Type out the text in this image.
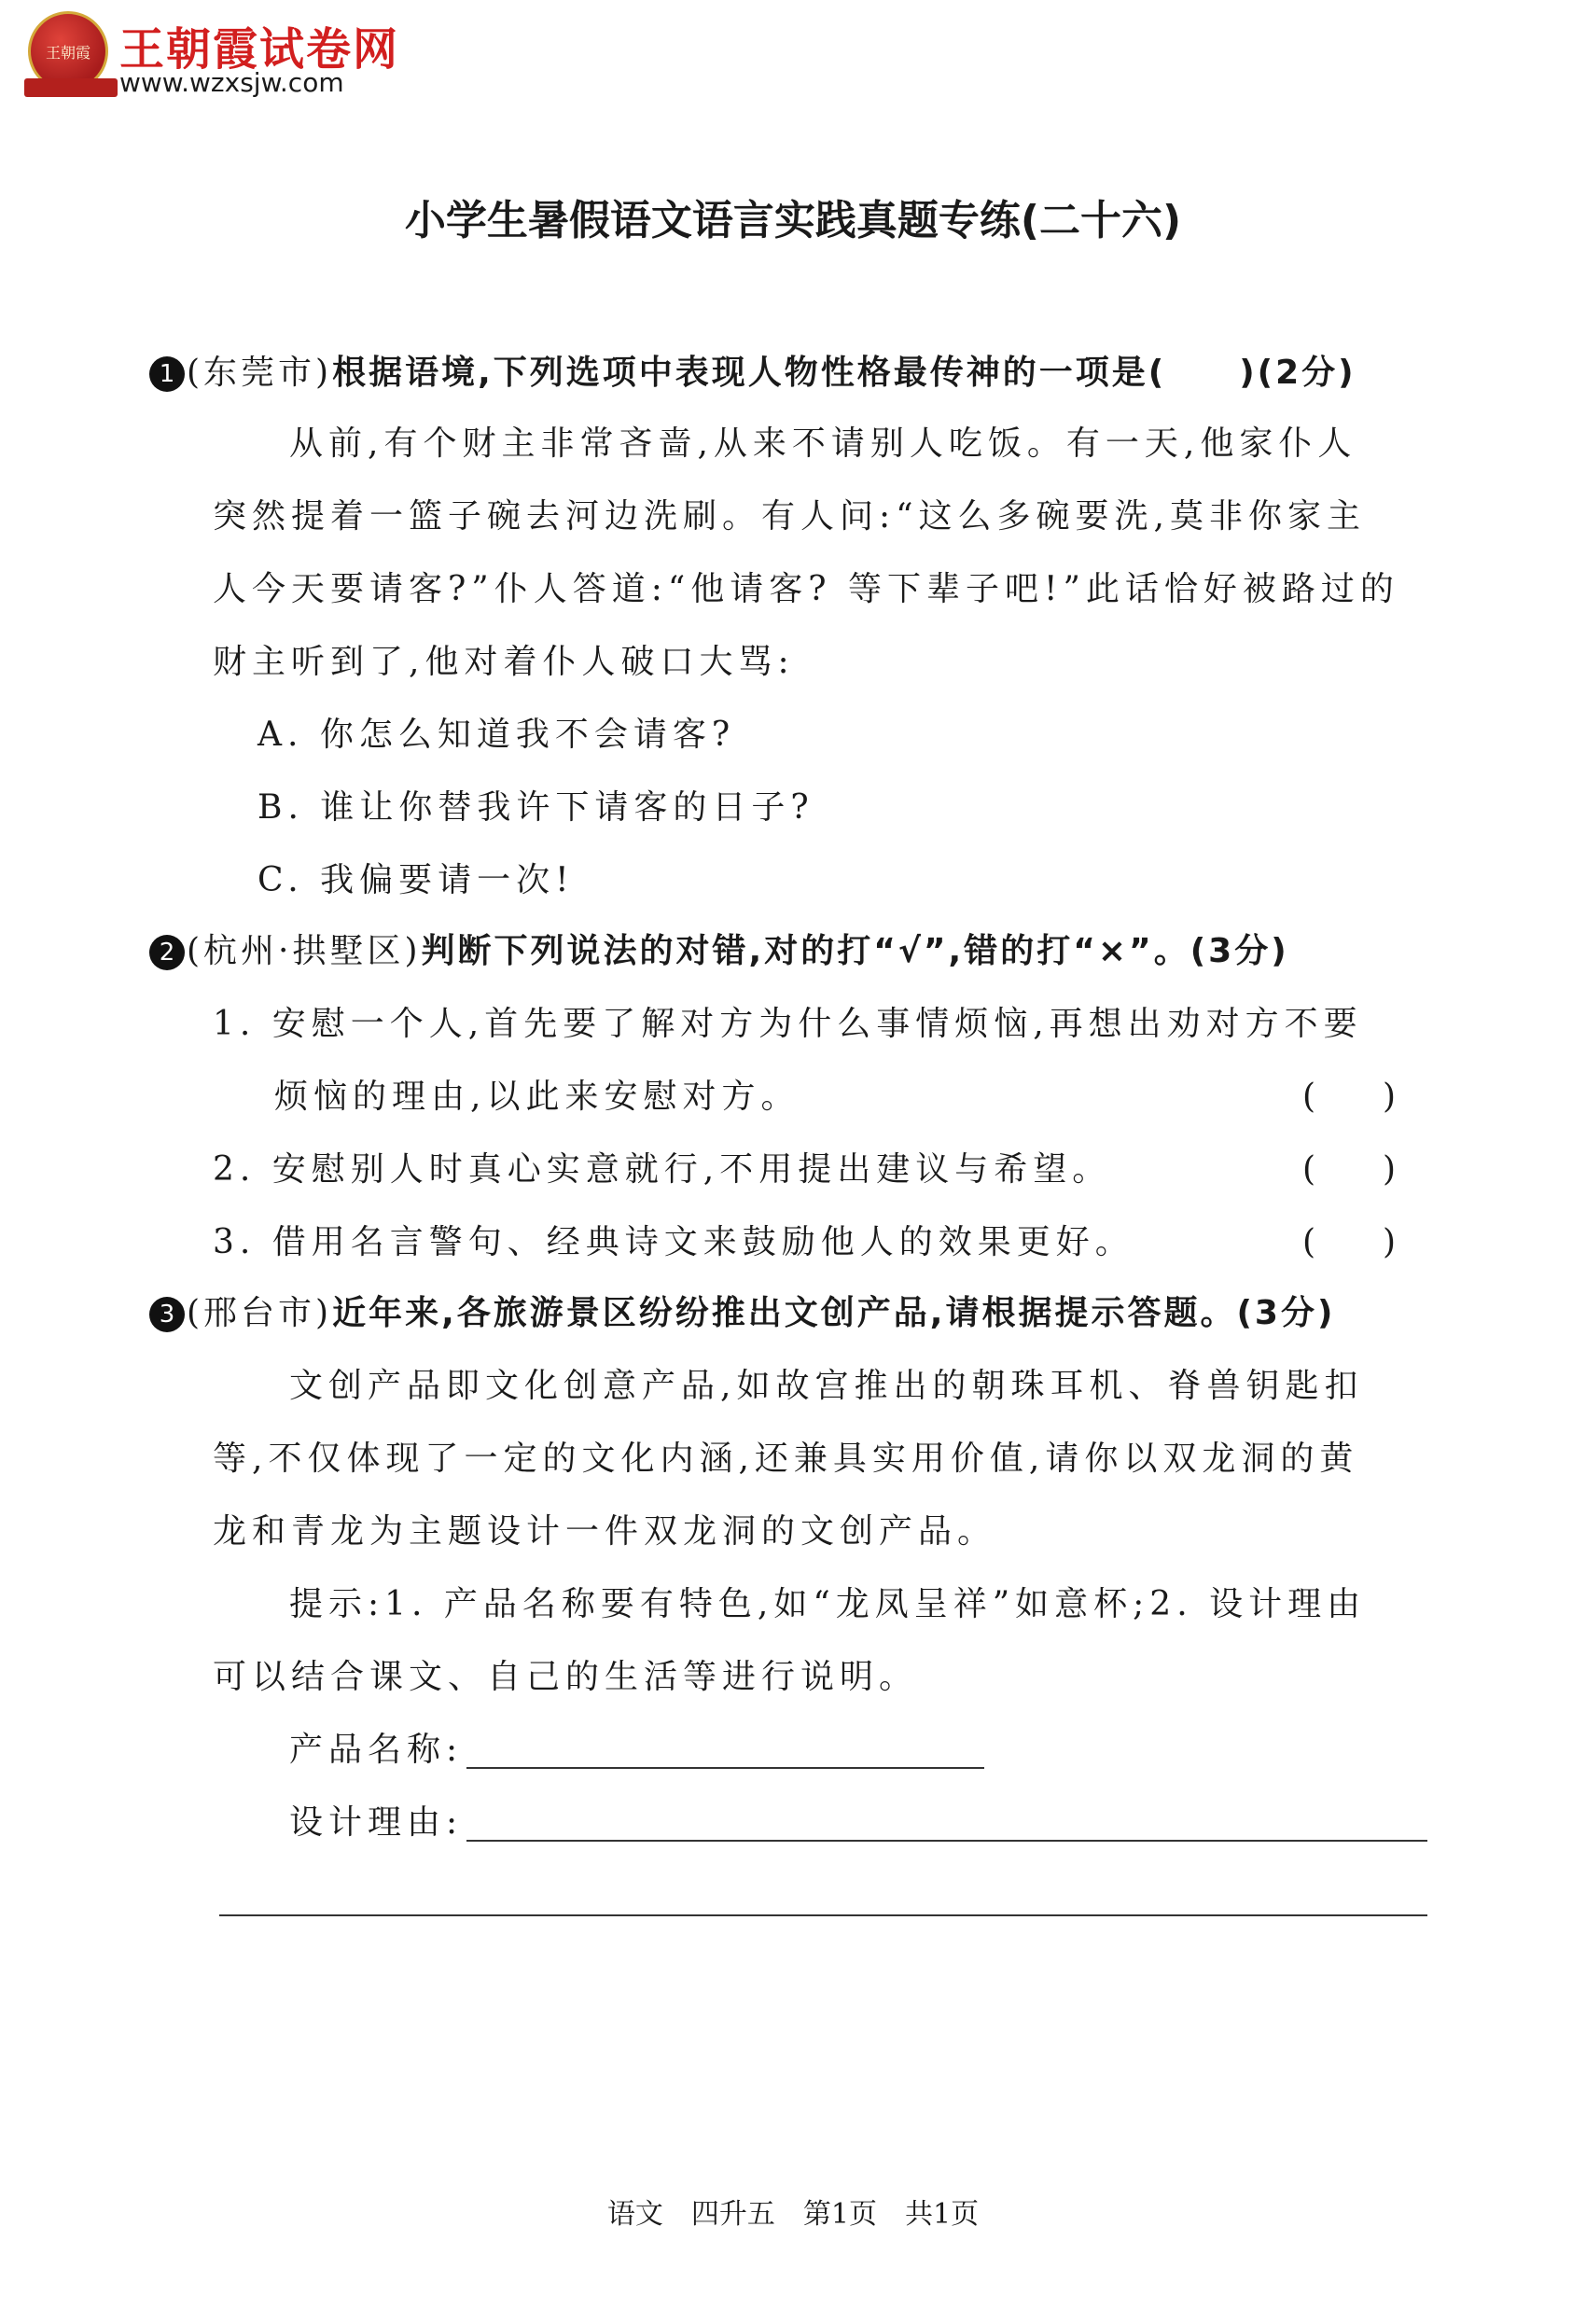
王朝霞 王朝霞试卷网
www.wzxsjw.com
小学生暑假语文语言实践真题专练(二十六)
1 (东莞市)根据语境,下列选项中表现人物性格最传神的一项是(　　)(2分)
从前,有个财主非常吝啬,从来不请别人吃饭。有一天,他家仆人
突然提着一篮子碗去河边洗刷。有人问:“这么多碗要洗,莫非你家主
人今天要请客?”仆人答道:“他请客? 等下辈子吧!”此话恰好被路过的
财主听到了,他对着仆人破口大骂:
A. 你怎么知道我不会请客?
B. 谁让你替我许下请客的日子?
C. 我偏要请一次!
2 (杭州·拱墅区)判断下列说法的对错,对的打“√”,错的打“×”。(3分)
1. 安慰一个人,首先要了解对方为什么事情烦恼,再想出劝对方不要
烦恼的理由,以此来安慰对方。	(　　)
2. 安慰别人时真心实意就行,不用提出建议与希望。	(　　)
3. 借用名言警句、经典诗文来鼓励他人的效果更好。	(　　)
3 (邢台市)近年来,各旅游景区纷纷推出文创产品,请根据提示答题。(3分)
文创产品即文化创意产品,如故宫推出的朝珠耳机、脊兽钥匙扣
等,不仅体现了一定的文化内涵,还兼具实用价值,请你以双龙洞的黄
龙和青龙为主题设计一件双龙洞的文创产品。
提示:1. 产品名称要有特色,如“龙凤呈祥”如意杯;2. 设计理由
可以结合课文、自己的生活等进行说明。
产品名称:
设计理由:
语文　四升五　第1页　共1页
